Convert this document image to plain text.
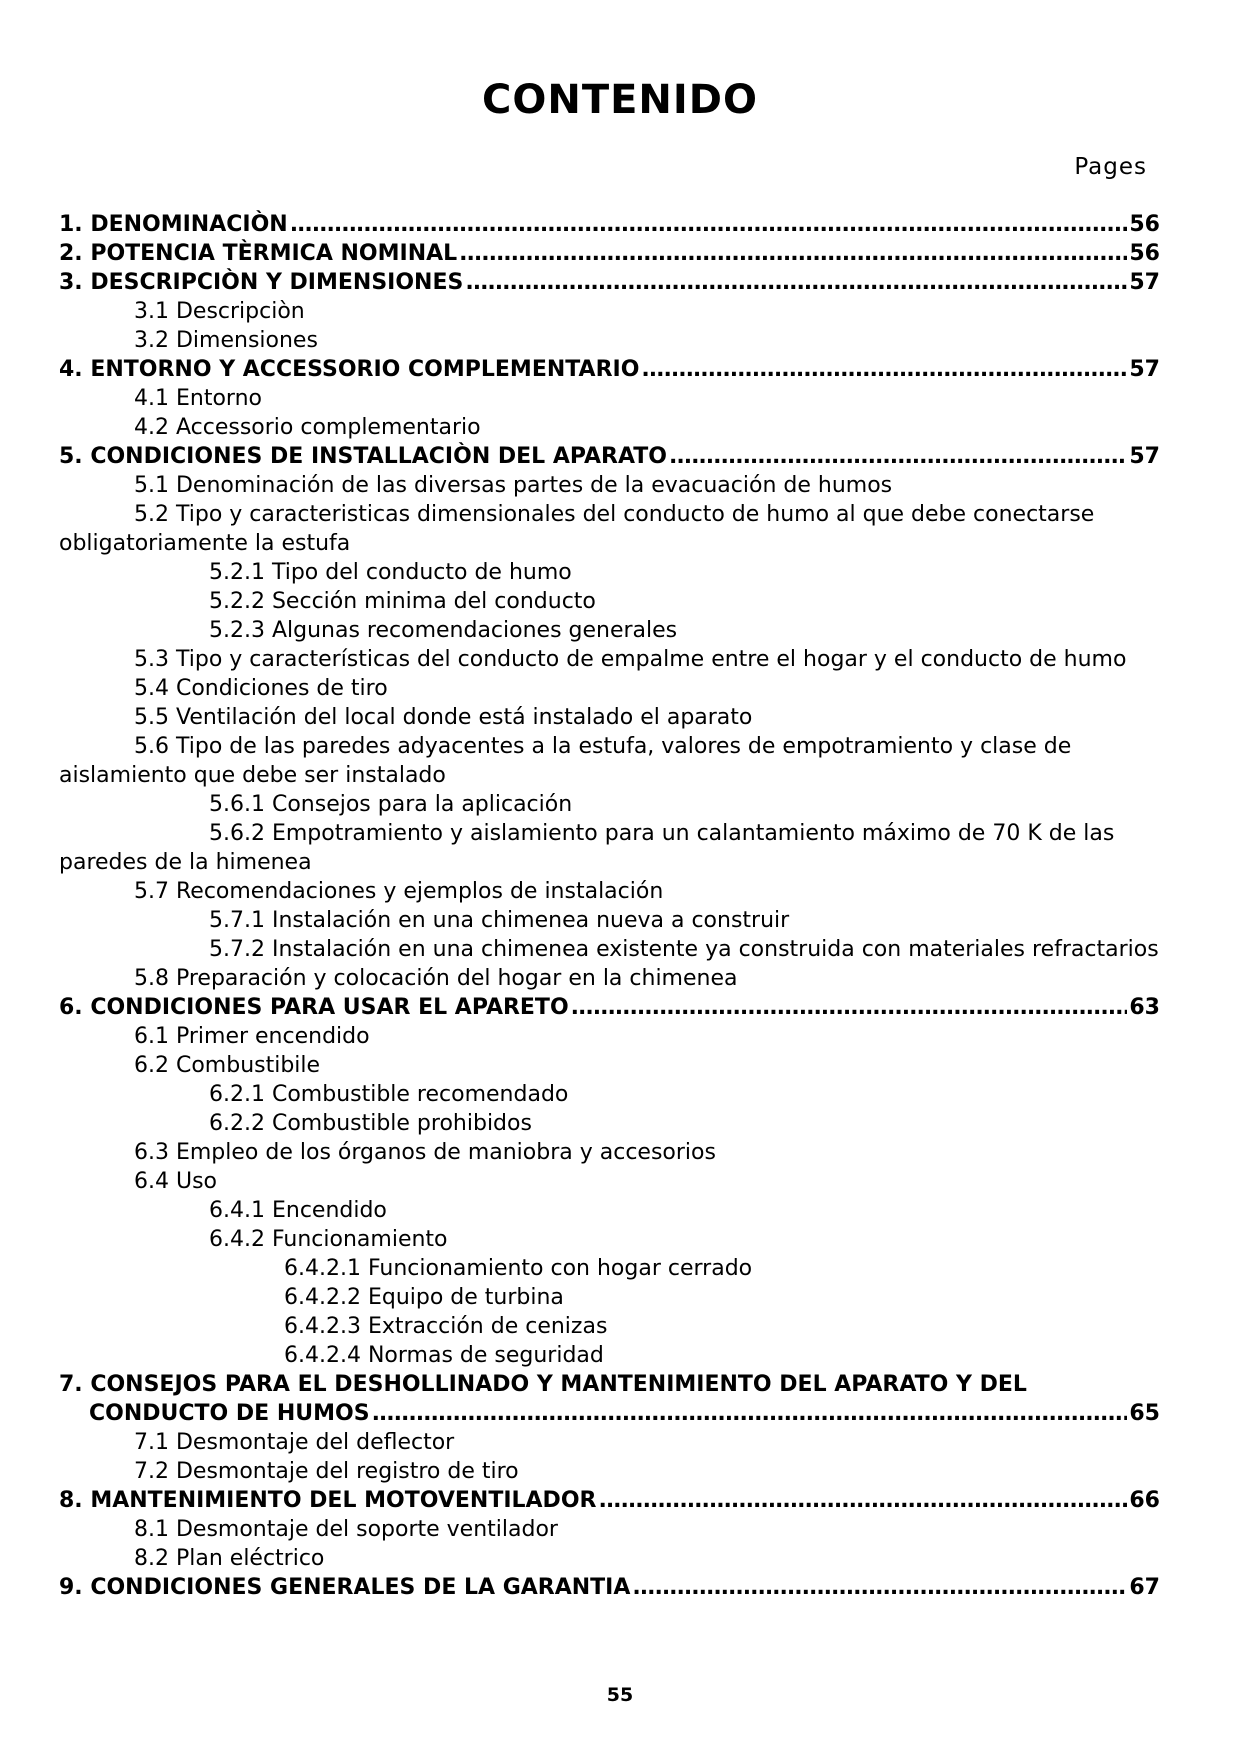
CONTENIDO
Pages
1. DENOMINACIÒN .....	56
2. POTENCIA TÈRMICA NOMINAL .....	56
3. DESCRIPCIÒN Y DIMENSIONES .....	57
3.1 Descripciòn
3.2 Dimensiones
4. ENTORNO Y ACCESSORIO COMPLEMENTARIO .....	57
4.1 Entorno
4.2 Accessorio complementario
5. CONDICIONES DE INSTALLACIÒN DEL APARATO .....	57
5.1 Denominación de las diversas partes de la evacuación de humos
5.2 Tipo y caracteristicas dimensionales del conducto de humo al que debe conectarse
obligatoriamente la estufa
5.2.1 Tipo del conducto de humo
5.2.2 Sección minima del conducto
5.2.3 Algunas recomendaciones generales
5.3 Tipo y características del conducto de empalme entre el hogar y el conducto de humo
5.4 Condiciones de tiro
5.5 Ventilación del local donde está instalado el aparato
5.6 Tipo de las paredes adyacentes a la estufa, valores de empotramiento y clase de
aislamiento que debe ser instalado
5.6.1 Consejos para la aplicación
5.6.2 Empotramiento y aislamiento para un calantamiento máximo de 70 K de las
paredes de la himenea
5.7 Recomendaciones y ejemplos de instalación
5.7.1 Instalación en una chimenea nueva a construir
5.7.2 Instalación en una chimenea existente ya construida con materiales refractarios
5.8 Preparación y colocación del hogar en la chimenea
6. CONDICIONES PARA USAR EL APARETO .....	63
6.1 Primer encendido
6.2 Combustibile
6.2.1 Combustible recomendado
6.2.2 Combustible prohibidos
6.3 Empleo de los órganos de maniobra y accesorios
6.4 Uso
6.4.1 Encendido
6.4.2 Funcionamiento
6.4.2.1 Funcionamiento con hogar cerrado
6.4.2.2 Equipo de turbina
6.4.2.3 Extracción de cenizas
6.4.2.4 Normas de seguridad
7. CONSEJOS PARA EL DESHOLLINADO Y MANTENIMIENTO DEL APARATO Y DEL
CONDUCTO DE HUMOS .....	65
7.1 Desmontaje del deflector
7.2 Desmontaje del registro de tiro
8. MANTENIMIENTO DEL MOTOVENTILADOR .....	66
8.1 Desmontaje del soporte ventilador
8.2 Plan eléctrico
9. CONDICIONES GENERALES DE LA GARANTIA .....	67
55
